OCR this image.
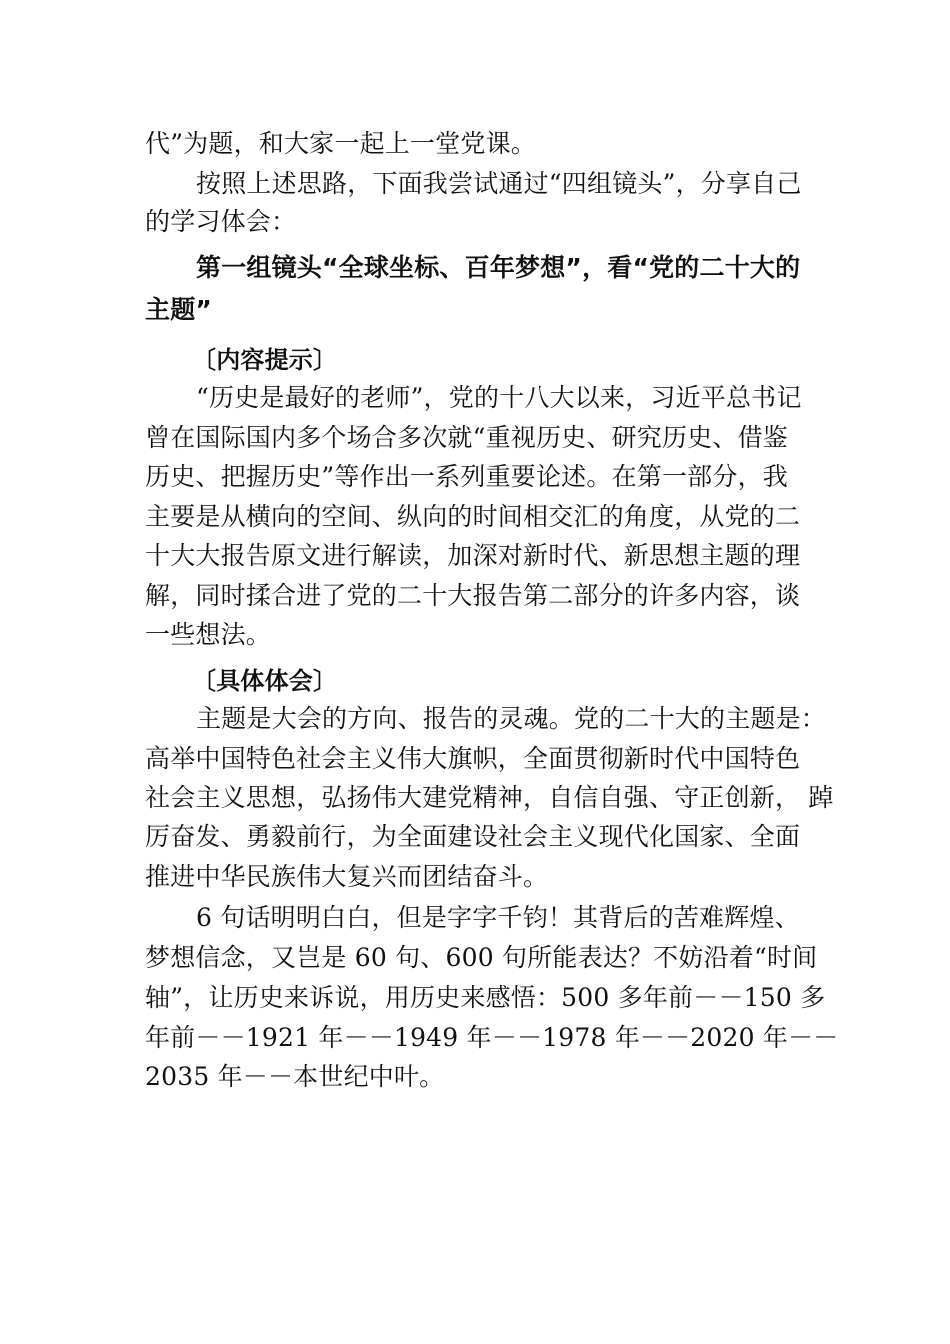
代”为题，和大家一起上一堂党课。
按照上述思路，下面我尝试通过“四组镜头”，分享自己
的学习体会：
第一组镜头“全球坐标、百年梦想”，看“党的二十大的
主题”
〔内容提示〕
“历史是最好的老师”，党的十八大以来，习近平总书记
曾在国际国内多个场合多次就“重视历史、研究历史、借鉴
历史、把握历史”等作出一系列重要论述。在第一部分，我
主要是从横向的空间、纵向的时间相交汇的角度，从党的二
十大大报告原文进行解读，加深对新时代、新思想主题的理
解，同时揉合进了党的二十大报告第二部分的许多内容，谈
一些想法。
〔具体体会〕
主题是大会的方向、报告的灵魂。党的二十大的主题是：
高举中国特色社会主义伟大旗帜，全面贯彻新时代中国特色
社会主义思想，弘扬伟大建党精神，自信自强、守正创新， 踔
厉奋发、勇毅前行，为全面建设社会主义现代化国家、全面
推进中华民族伟大复兴而团结奋斗。
6 句话明明白白，但是字字千钧！其背后的苦难辉煌、
梦想信念，又岂是 60 句、600 句所能表达？不妨沿着“时间
轴”，让历史来诉说，用历史来感悟：500 多年前－－150 多
年前－－1921 年－－1949 年－－1978 年－－2020 年－－
2035 年－－本世纪中叶。
